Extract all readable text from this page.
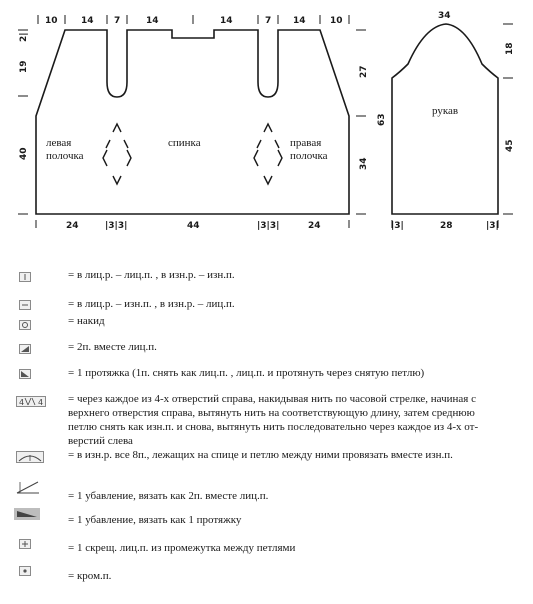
левая
полочка
спинка	правая
полочка
рукав
10	14 7	14	14	7 14	10
24	|3|3|	44	|3|3|	24
2|
19
40
27
63
34
34
18
45
|3|	28	|3|
= в лиц.р. – лиц.п. , в изн.р. – изн.п.
= в лиц.р. – изн.п. , в изн.р. – лиц.п.
= накид
= 2п. вместе лиц.п.
= 1 протяжка (1п. снять как лиц.п. , лиц.п. и протянуть через снятую петлю)
4 4 = через каждое из 4-х отверстий справа, накидывая нить по часовой стрелке, начиная с
верхнего отверстия справа, вытянуть нить на соответствующую длину, затем среднюю
петлю снять как изн.п. и снова, вытянуть нить последовательно через каждое из 4-х от-
верстий слева
= в изн.р. все 8п., лежащих на спице и петлю между ними провязать вместе изн.п.
= 1 убавление, вязать как 2п. вместе лиц.п.
= 1 убавление, вязать как 1 протяжку
= 1 скрещ. лиц.п. из промежутка между петлями
= кром.п.
